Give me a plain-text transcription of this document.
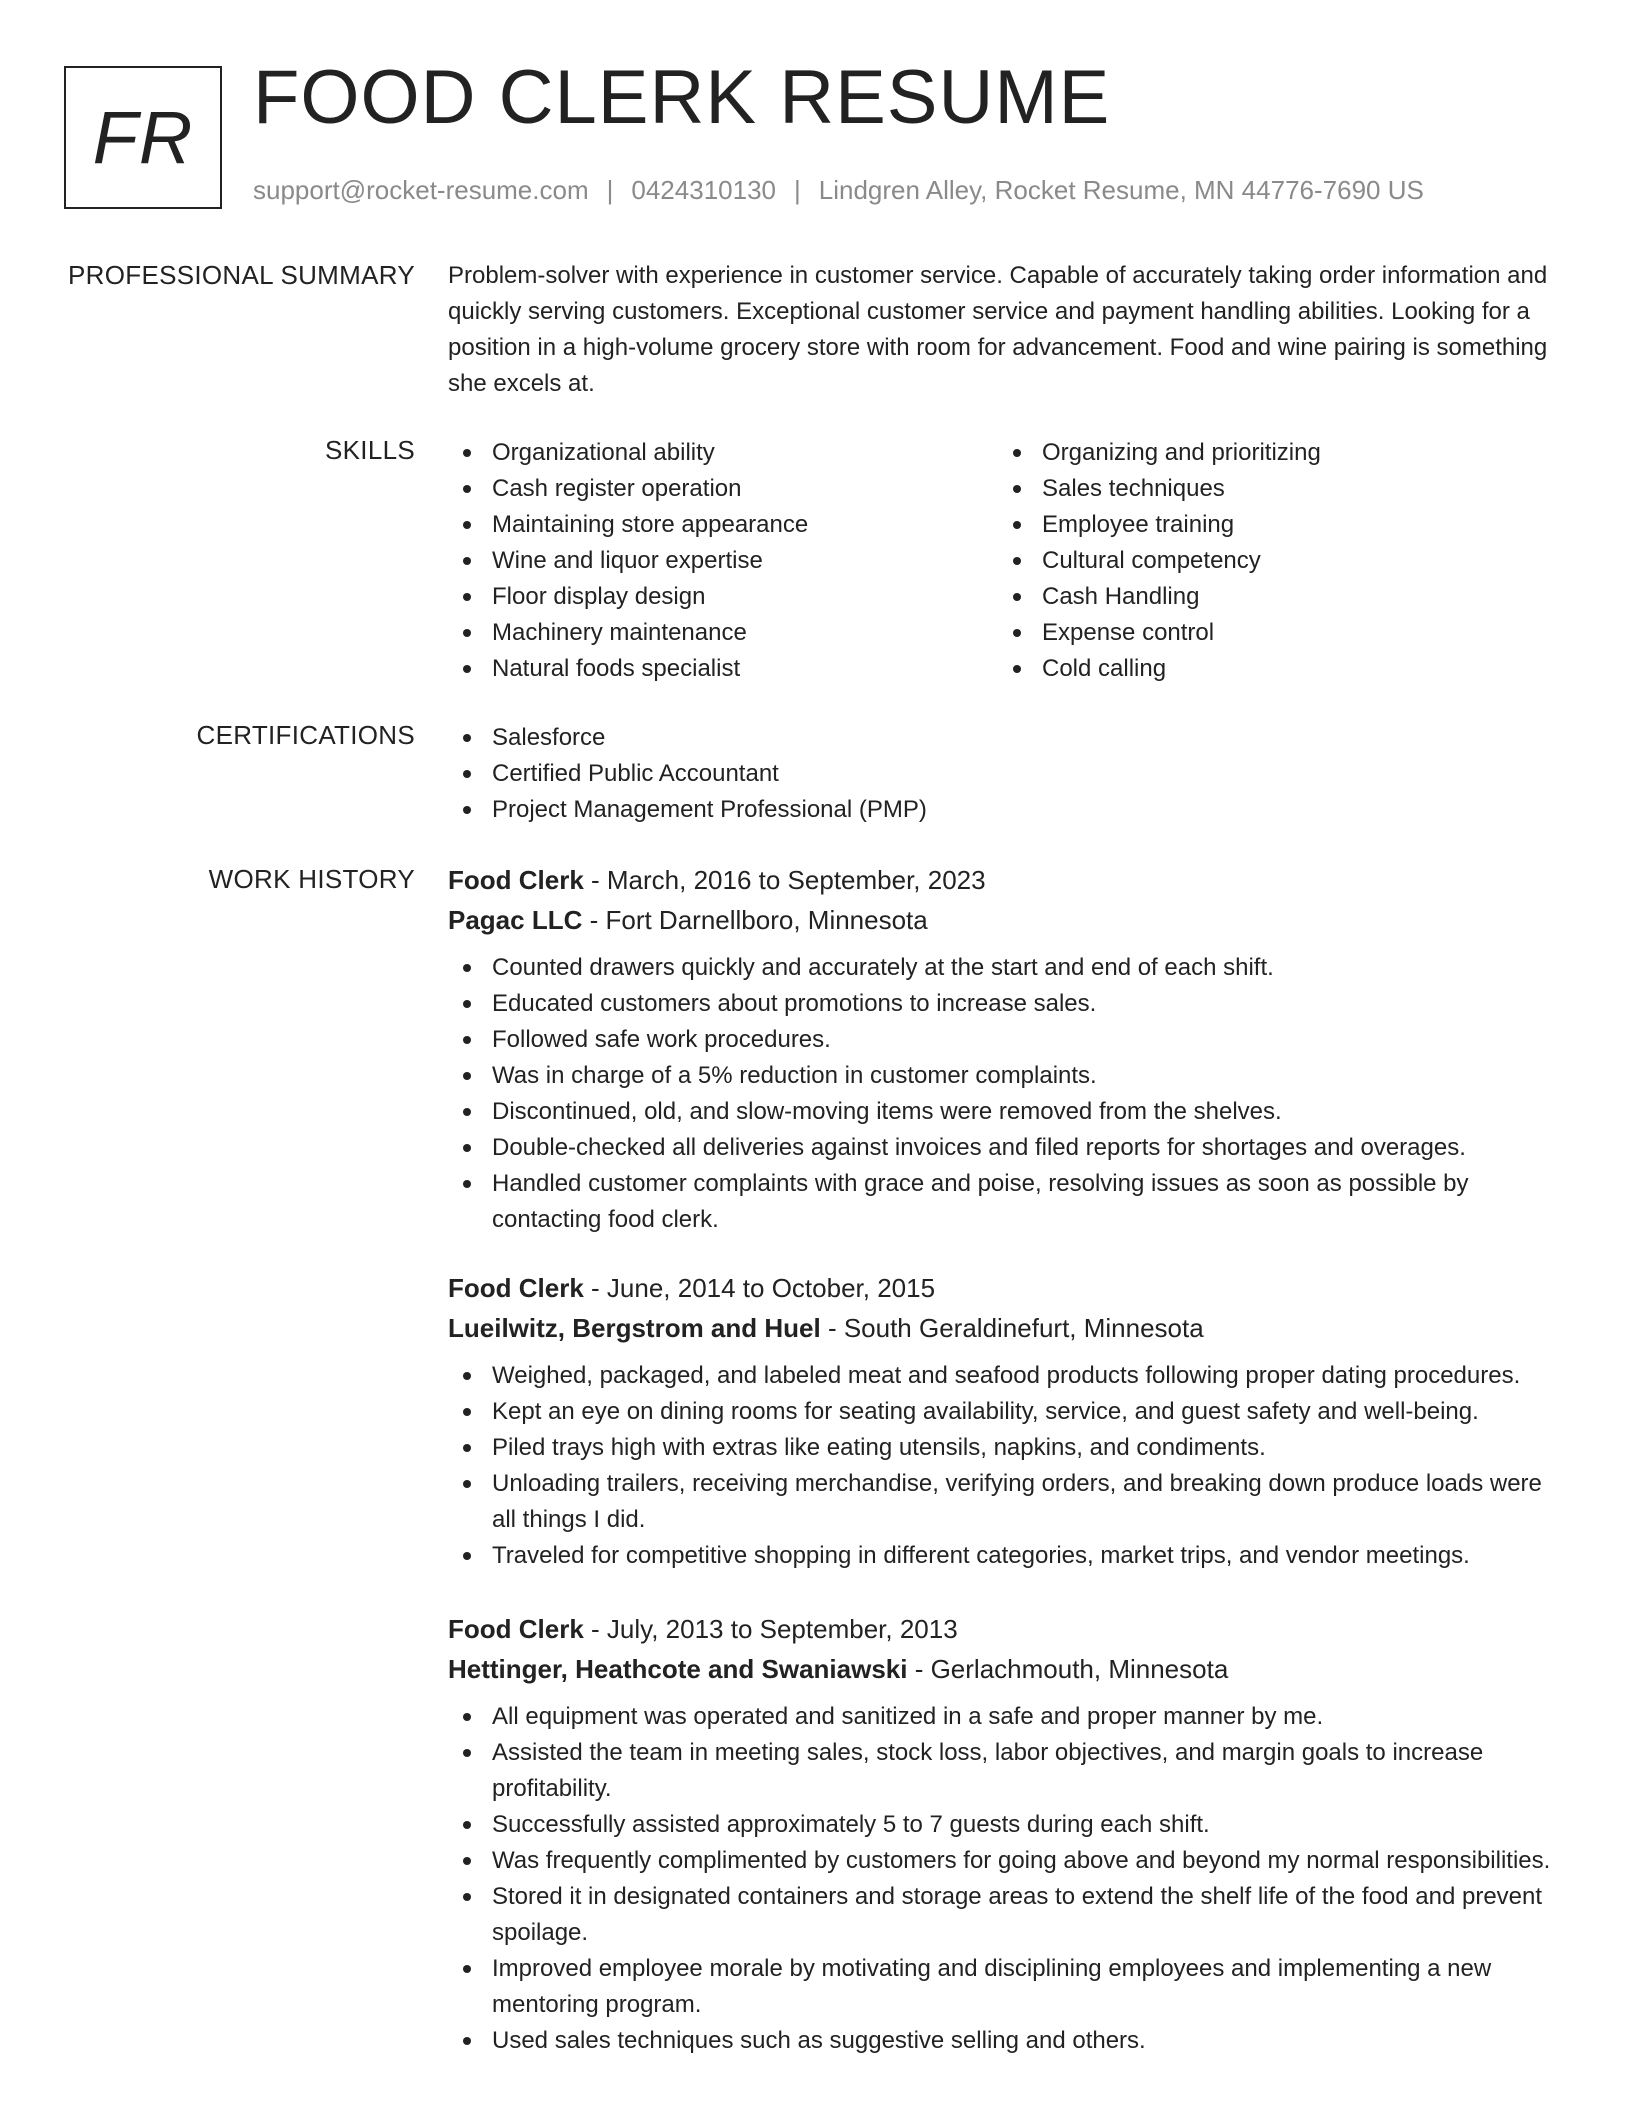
FR FOOD CLERK RESUME
support@rocket-resume.com | 0424310130 | Lindgren Alley, Rocket Resume, MN 44776-7690 US
PROFESSIONAL SUMMARY Problem-solver with experience in customer service. Capable of accurately taking order information and quickly serving customers. Exceptional customer service and payment handling abilities. Looking for a position in a high-volume grocery store with room for advancement. Food and wine pairing is something she excels at.

SKILLS	Organizational ability
Cash register operation
Maintaining store appearance
Wine and liquor expertise
Floor display design
Machinery maintenance
Natural foods specialist
Organizing and prioritizing
Sales techniques
Employee training
Cultural competency
Cash Handling
Expense control
Cold calling
CERTIFICATIONS	Salesforce
Certified Public Accountant
Project Management Professional (PMP)
WORK HISTORY Food Clerk - March, 2016 to September, 2023
Pagac LLC - Fort Darnellboro, Minnesota
Counted drawers quickly and accurately at the start and end of each shift.
Educated customers about promotions to increase sales.
Followed safe work procedures.
Was in charge of a 5% reduction in customer complaints.
Discontinued, old, and slow-moving items were removed from the shelves.
Double-checked all deliveries against invoices and filed reports for shortages and overages.
Handled customer complaints with grace and poise, resolving issues as soon as possible by contacting food clerk.
Food Clerk - June, 2014 to October, 2015
Lueilwitz, Bergstrom and Huel - South Geraldinefurt, Minnesota
Weighed, packaged, and labeled meat and seafood products following proper dating procedures.
Kept an eye on dining rooms for seating availability, service, and guest safety and well-being.
Piled trays high with extras like eating utensils, napkins, and condiments.
Unloading trailers, receiving merchandise, verifying orders, and breaking down produce loads were all things I did.
Traveled for competitive shopping in different categories, market trips, and vendor meetings.
Food Clerk - July, 2013 to September, 2013
Hettinger, Heathcote and Swaniawski - Gerlachmouth, Minnesota
All equipment was operated and sanitized in a safe and proper manner by me.
Assisted the team in meeting sales, stock loss, labor objectives, and margin goals to increase profitability.
Successfully assisted approximately 5 to 7 guests during each shift.
Was frequently complimented by customers for going above and beyond my normal responsibilities.
Stored it in designated containers and storage areas to extend the shelf life of the food and prevent spoilage.
Improved employee morale by motivating and disciplining employees and implementing a new mentoring program.
Used sales techniques such as suggestive selling and others.
